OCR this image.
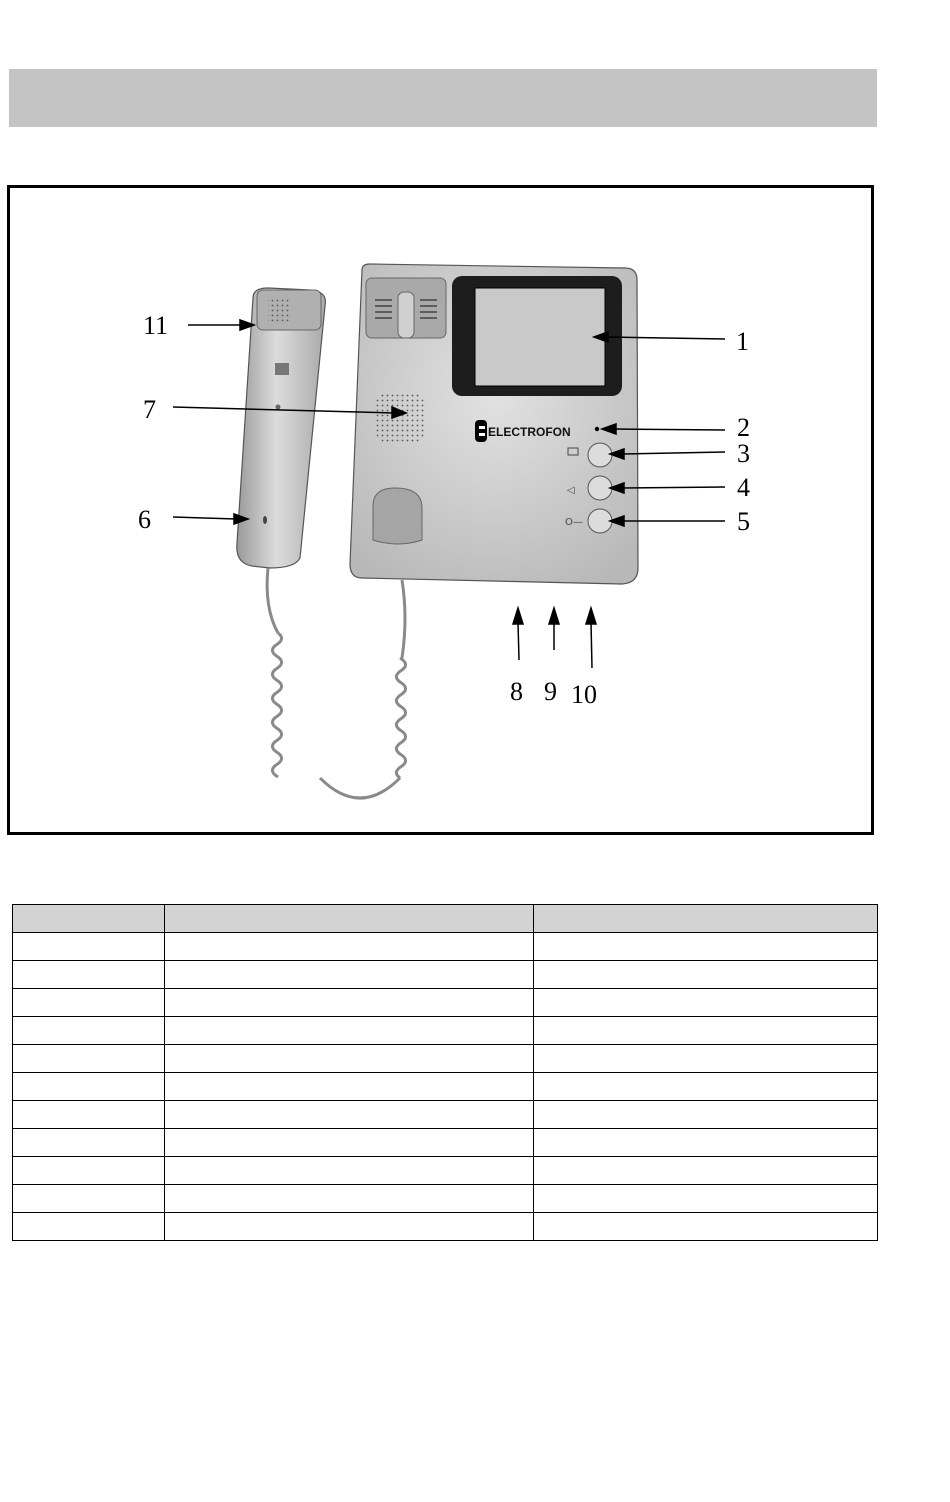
ELECTROFON
◁
O—
11
7
6
1
2
3
4
5
8 9 10
